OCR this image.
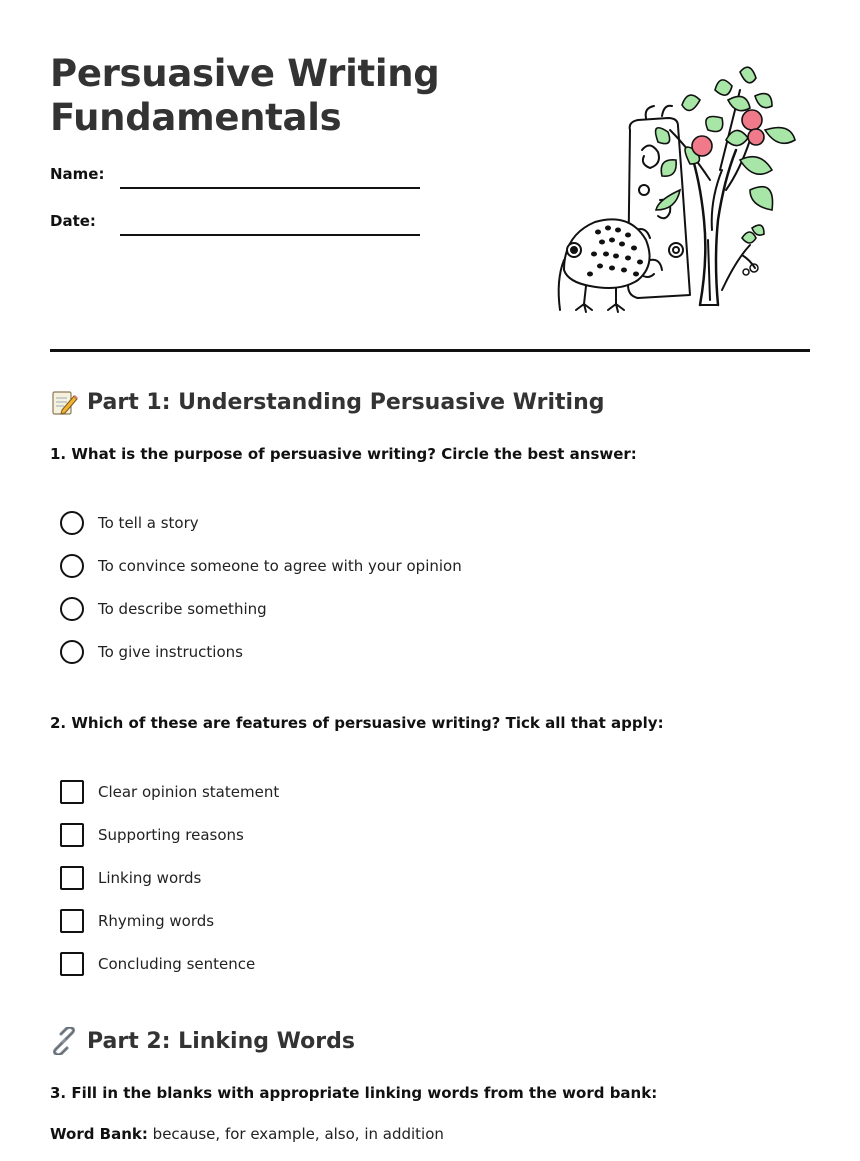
Persuasive Writing
Fundamentals
Name:
Date:
Part 1: Understanding Persuasive Writing
1. What is the purpose of persuasive writing? Circle the best answer:
To tell a story
To convince someone to agree with your opinion
To describe something
To give instructions
2. Which of these are features of persuasive writing? Tick all that apply:
Clear opinion statement
Supporting reasons
Linking words
Rhyming words
Concluding sentence
Part 2: Linking Words
3. Fill in the blanks with appropriate linking words from the word bank:
Word Bank: because, for example, also, in addition
